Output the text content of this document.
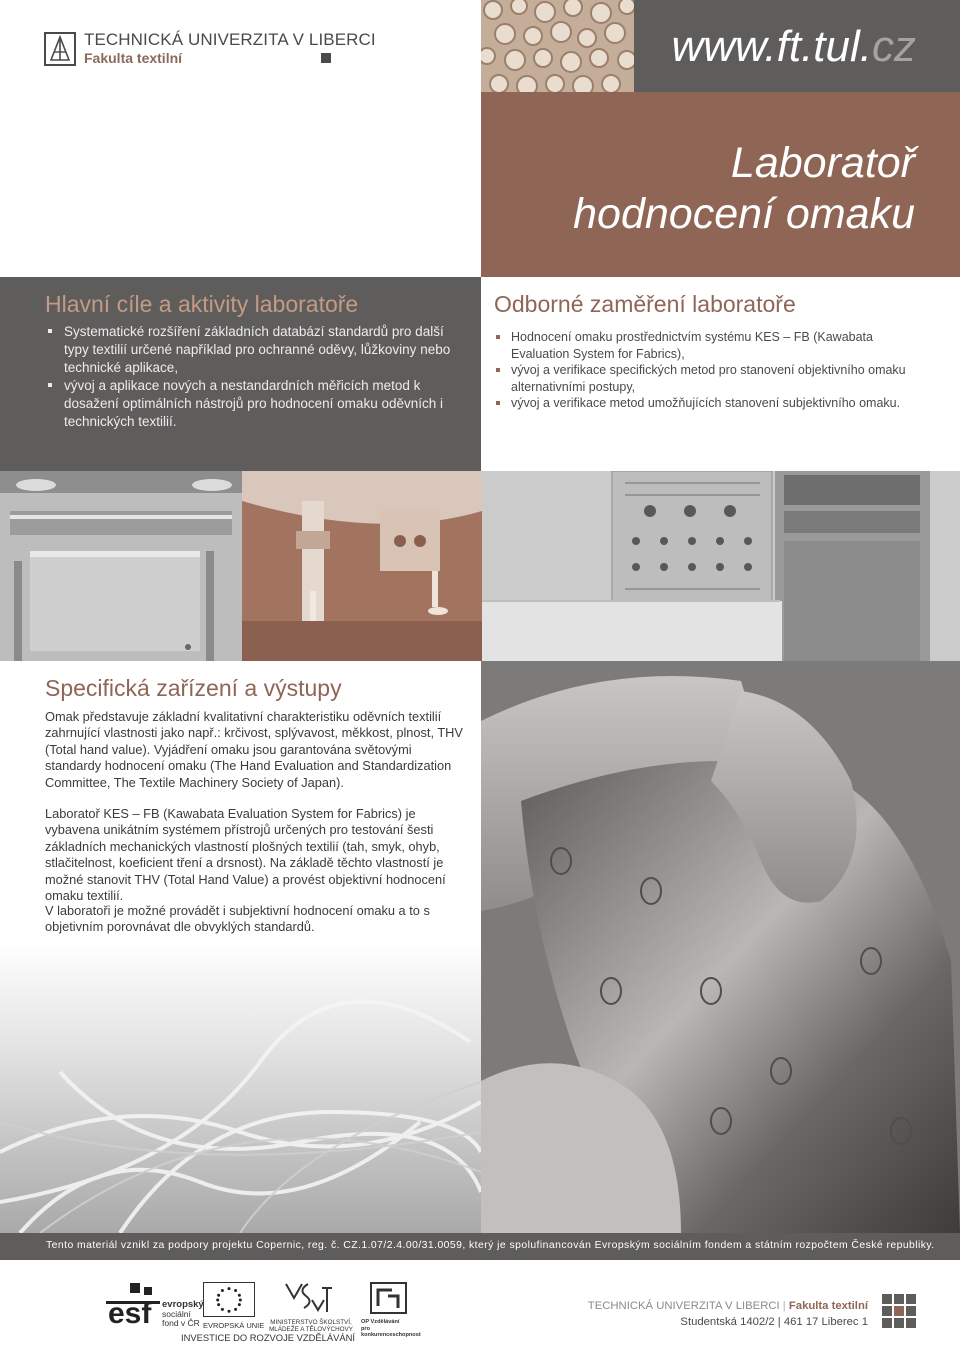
TECHNICKÁ UNIVERZITA V LIBERCI
Fakulta textilní	www.ft.tul.cz
Laboratoř
hodnocení omaku
Hlavní cíle a aktivity laboratoře
Systematické rozšíření základních databází standardů pro další typy textilií určené například pro ochranné oděvy, lůžkoviny nebo technické aplikace,
vývoj a aplikace nových a nestandardních měřicích metod k dosažení optimálních nástrojů pro hodnocení omaku oděvních i technických textilií.
Odborné zaměření laboratoře
Hodnocení omaku prostřednictvím systému KES – FB (Kawabata Evaluation System for Fabrics),
vývoj a verifikace specifických metod pro stanovení objektivního omaku alternativními postupy,
vývoj a verifikace metod umožňujících stanovení subjektivního omaku.
Specifická zařízení a výstupy

Omak představuje základní kvalitativní charakteristiku oděvních textilií zahrnující vlastnosti jako např.: krčivost, splývavost, měkkost, plnost, THV (Total hand value). Vyjádření omaku jsou garantována světovými standardy hodnocení omaku (The Hand Evaluation and Standardization Committee, The Textile Machinery Society of Japan).

Laboratoř KES – FB (Kawabata Evaluation System for Fabrics) je vybavena unikátním systémem přístrojů určených pro testování šesti základních mechanických vlastností plošných textilií (tah, smyk, ohyb, stlačitelnost, koeficient tření a drsnost). Na základě těchto vlastností je možné stanovit THV (Total Hand Value) a provést objektivní hodnocení omaku textilií.

V laboratoři je možné provádět i subjektivní hodnocení omaku a to s objetivním porovnávat dle obvyklých standardů.

Tento materiál vznikl za podpory projektu Copernic, reg. č. CZ.1.07/2.4.00/31.0059, který je spolufinancován Evropským sociálním fondem a státním rozpočtem České republiky.
esf evropský
sociální
fond v ČR EVROPSKÁ UNIE MINISTERSTVO ŠKOLSTVÍ,
MLÁDEŽE A TĚLOVÝCHOVY
OP Vzdělávání
pro konkurenceschopnost
INVESTICE DO ROZVOJE VZDĚLÁVÁNÍ
TECHNICKÁ UNIVERZITA V LIBERCI | Fakulta textilní
Studentská 1402/2 | 461 17 Liberec 1
